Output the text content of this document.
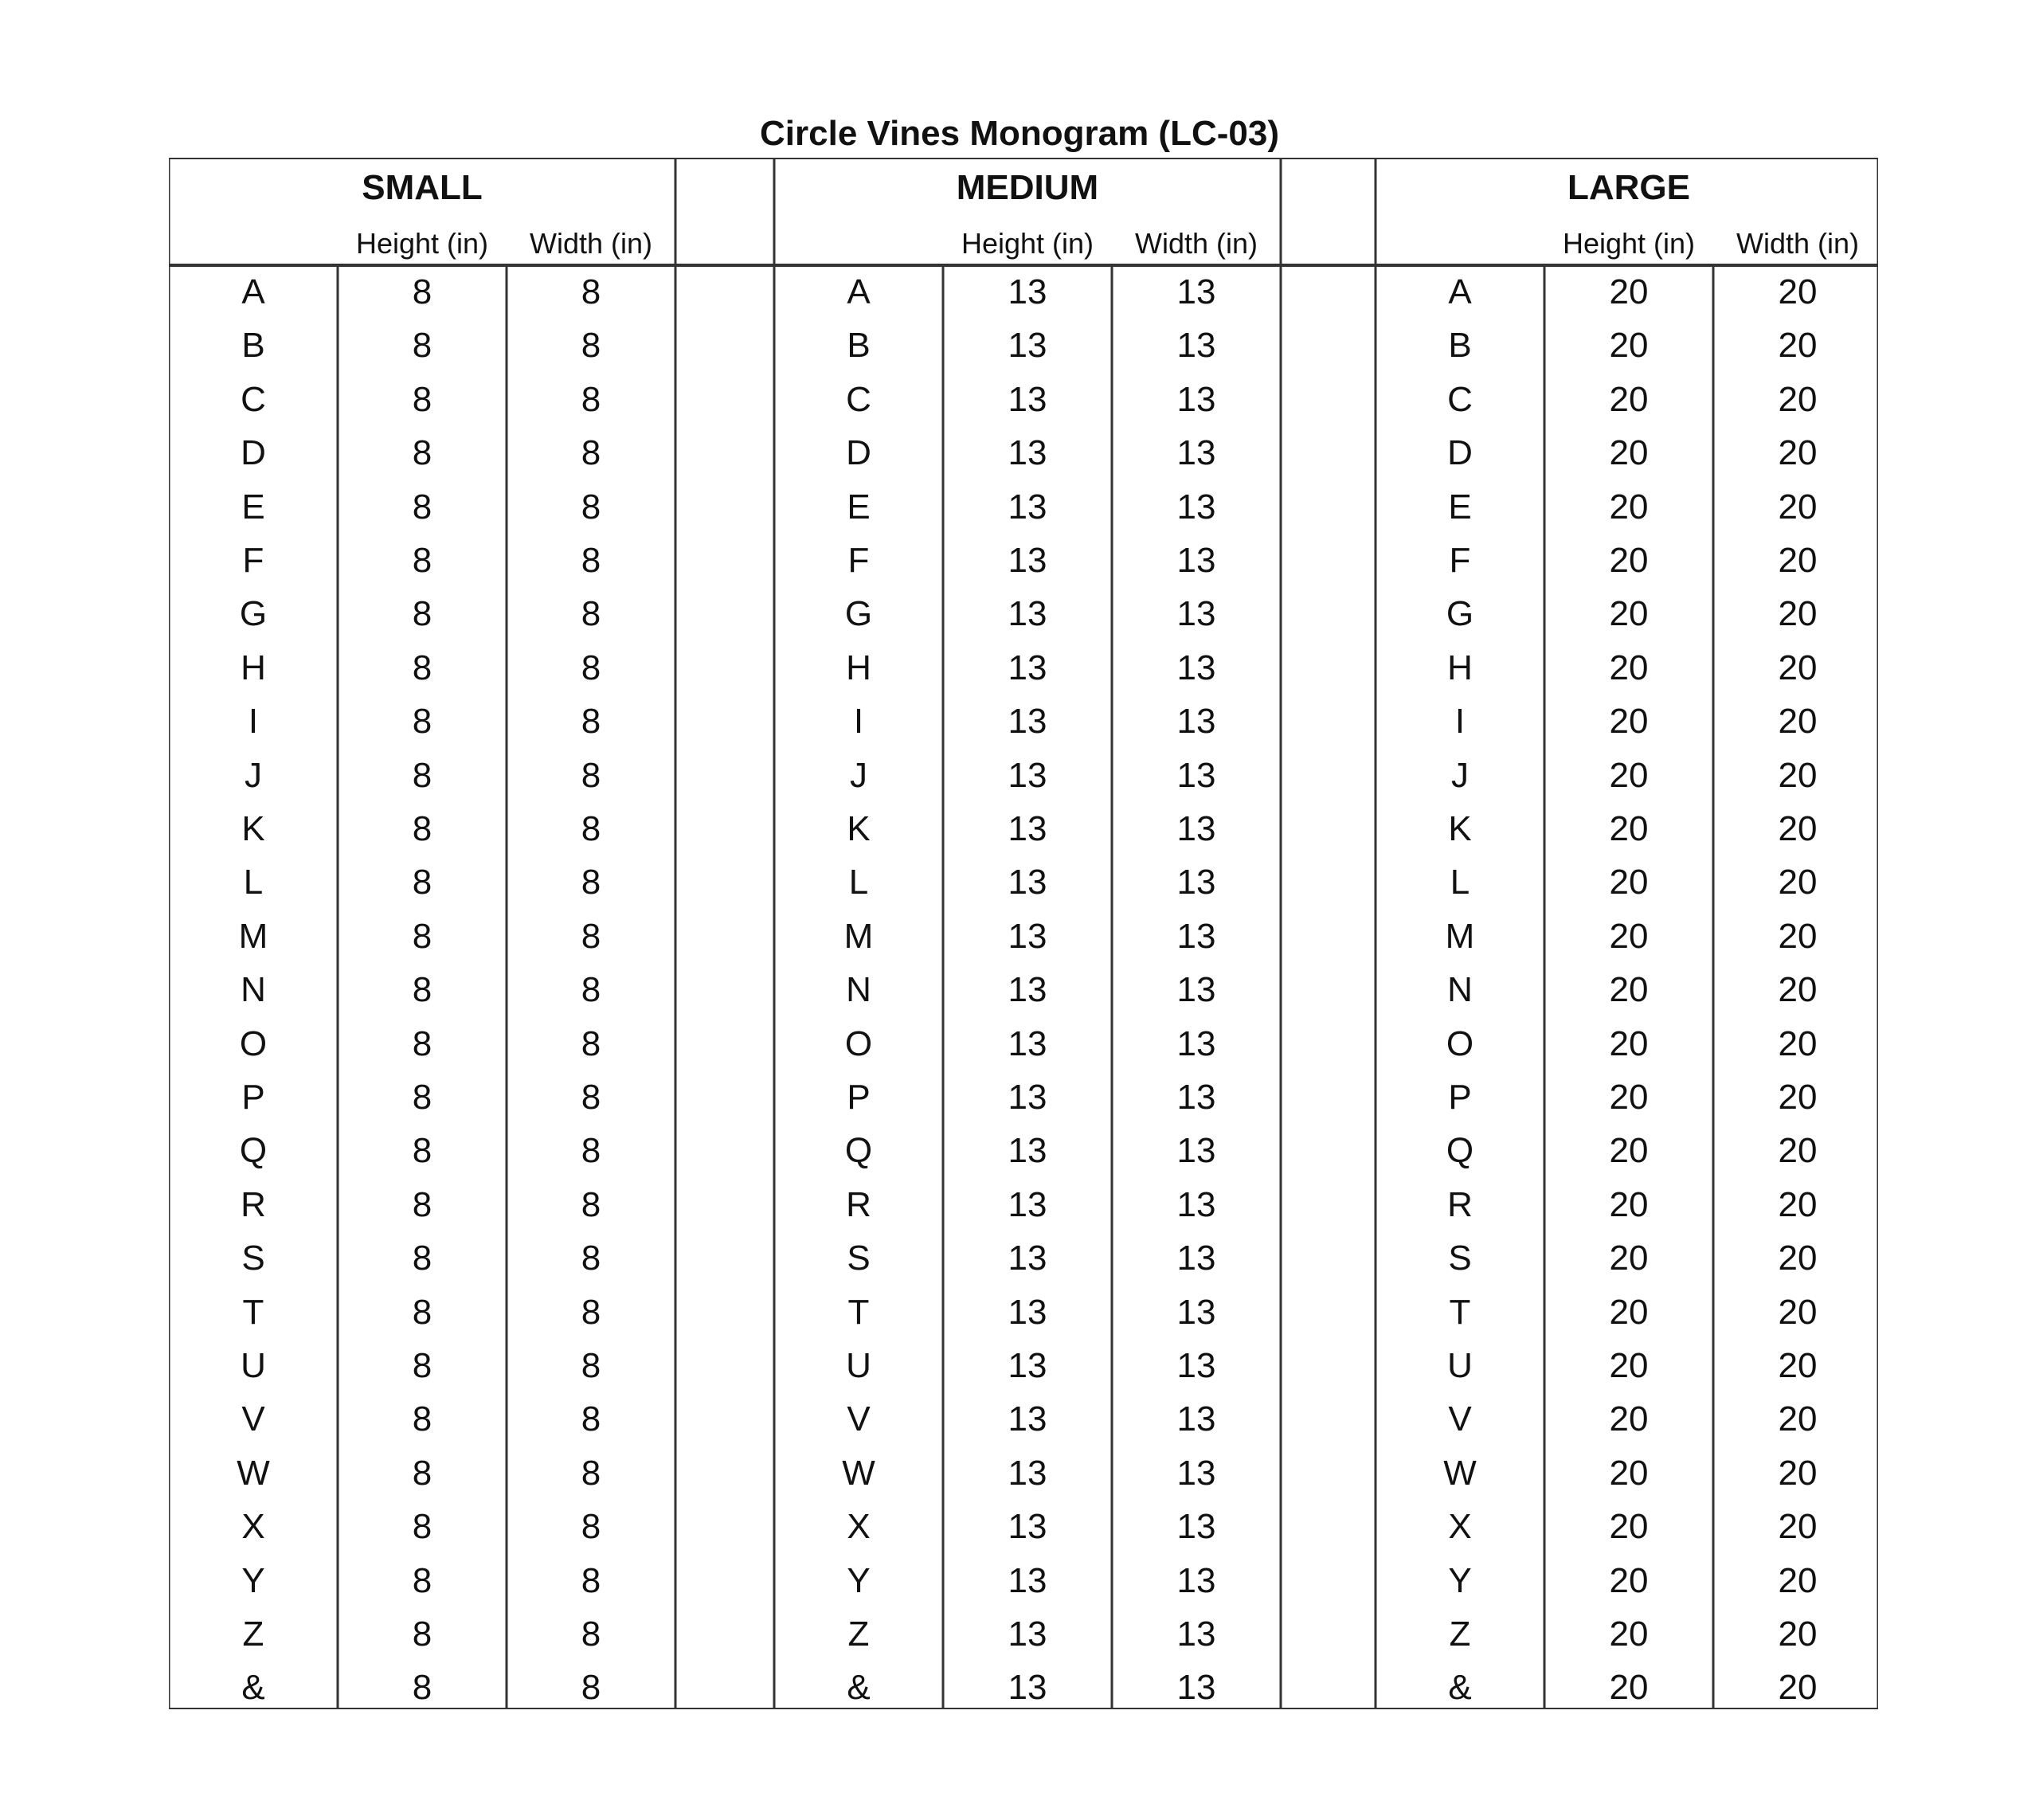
Circle Vines Monogram (LC-03)
SMALL
Height (in)	Width (in)
A	8	8
B	8	8
C	8	8
D	8	8
E	8	8
F	8	8
G	8	8
H	8	8
I	8	8
J	8	8
K	8	8
L	8	8
M	8	8
N	8	8
O	8	8
P	8	8
Q	8	8
R	8	8
S	8	8
T	8	8
U	8	8
V	8	8
W	8	8
X	8	8
Y	8	8
Z	8	8
&	8	8
MEDIUM
Height (in)	Width (in)
A	13	13
B	13	13
C	13	13
D	13	13
E	13	13
F	13	13
G	13	13
H	13	13
I	13	13
J	13	13
K	13	13
L	13	13
M	13	13
N	13	13
O	13	13
P	13	13
Q	13	13
R	13	13
S	13	13
T	13	13
U	13	13
V	13	13
W	13	13
X	13	13
Y	13	13
Z	13	13
&	13	13
LARGE
Height (in)	Width (in)
A	20	20
B	20	20
C	20	20
D	20	20
E	20	20
F	20	20
G	20	20
H	20	20
I	20	20
J	20	20
K	20	20
L	20	20
M	20	20
N	20	20
O	20	20
P	20	20
Q	20	20
R	20	20
S	20	20
T	20	20
U	20	20
V	20	20
W	20	20
X	20	20
Y	20	20
Z	20	20
&	20	20
